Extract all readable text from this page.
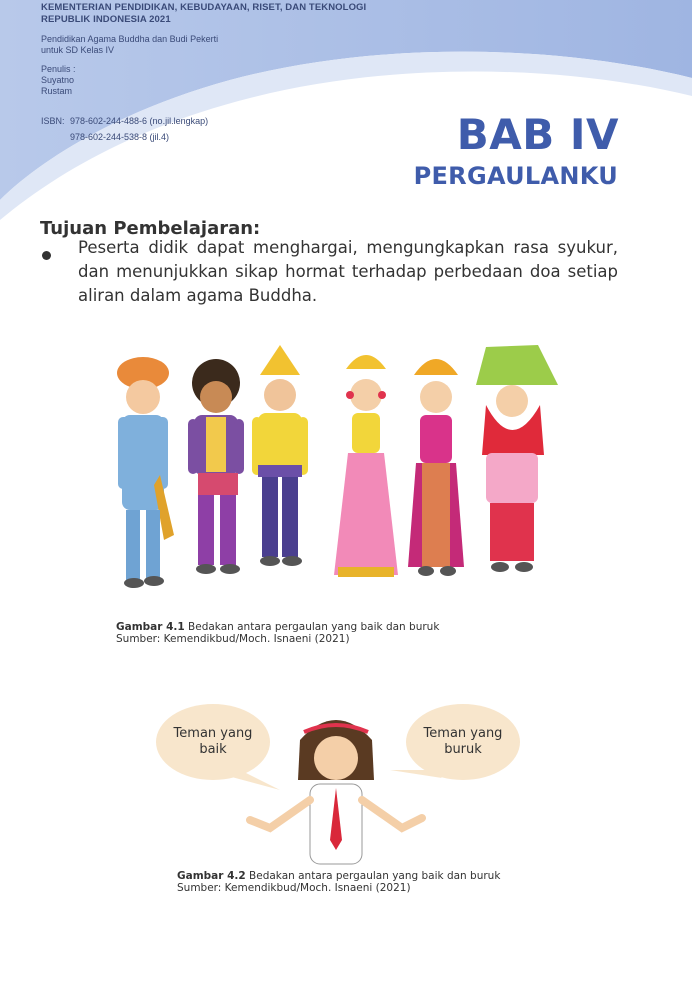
KEMENTERIAN PENDIDIKAN, KEBUDAYAAN, RISET, DAN TEKNOLOGI
REPUBLIK INDONESIA 2021
Pendidikan Agama Buddha dan Budi Pekerti
untuk SD Kelas IV
Penulis :
Suyatno
Rustam
ISBN: 978-602-244-488-6 (no.jil.lengkap)
978-602-244-538-8 (jil.4)	BAB IV
PERGAULANKU
Tujuan Pembelajaran:
Peserta didik dapat menghargai, mengungkapkan rasa syukur, dan menunjukkan sikap hormat terhadap perbedaan doa setiap aliran dalam agama Buddha.
Gambar 4.1 Bedakan antara pergaulan yang baik dan buruk
Sumber: Kemendikbud/Moch. Isnaeni (2021)
Teman yang baik
Teman yang buruk
Gambar 4.2 Bedakan antara pergaulan yang baik dan buruk
Sumber: Kemendikbud/Moch. Isnaeni (2021)
